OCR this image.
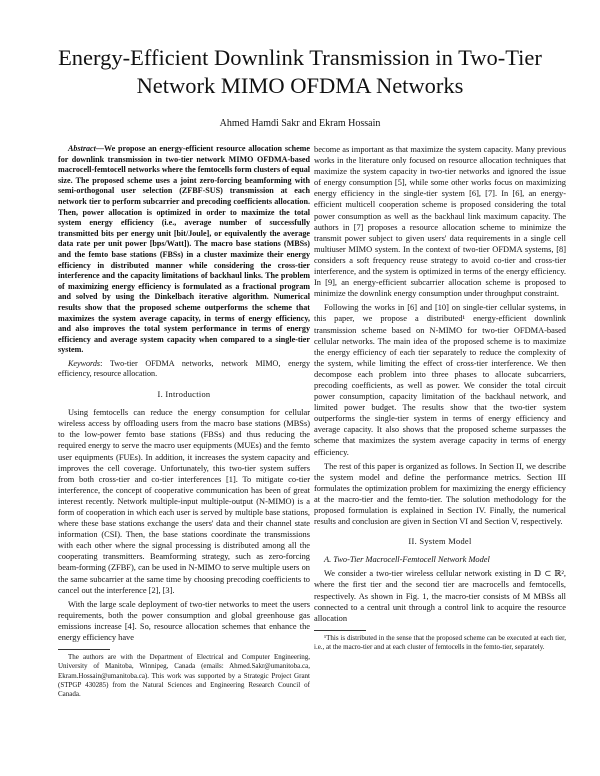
Energy-Efficient Downlink Transmission in Two-Tier Network MIMO OFDMA Networks
Ahmed Hamdi Sakr and Ekram Hossain

Abstract—We propose an energy-efficient resource allocation scheme for downlink transmission in two-tier network MIMO OFDMA-based macrocell-femtocell networks where the femtocells form clusters of equal size. The proposed scheme uses a joint zero-forcing beamforming with semi-orthogonal user selection (ZFBF-SUS) transmission at each network tier to perform subcarrier and precoding coefficients allocation. Then, power allocation is optimized in order to maximize the total system energy efficiency (i.e., average number of successfully transmitted bits per energy unit [bit/Joule], or equivalently the average data rate per unit power [bps/Watt]). The macro base stations (MBSs) and the femto base stations (FBSs) in a cluster maximize their energy efficiency in distributed manner while considering the cross-tier interference and the capacity limitations of backhaul links. The problem of maximizing energy efficiency is formulated as a fractional program and solved by using the Dinkelbach iterative algorithm. Numerical results show that the proposed scheme outperforms the scheme that maximizes the system average capacity, in terms of energy efficiency, and also improves the total system performance in terms of energy efficiency and average system capacity when compared to a single-tier system.

Keywords: Two-tier OFDMA networks, network MIMO, energy efficiency, resource allocation.

I. Introduction

Using femtocells can reduce the energy consumption for cellular wireless access by offloading users from the macro base stations (MBSs) to the low-power femto base stations (FBSs) and thus reducing the required energy to serve the macro user equipments (MUEs) and the femto user equipments (FUEs). In addition, it increases the system capacity and improves the cell coverage. Unfortunately, this two-tier system suffers from both cross-tier and co-tier interferences [1]. To mitigate co-tier interference, the concept of cooperative communication has been of great interest recently. Network multiple-input multiple-output (N-MIMO) is a form of cooperation in which each user is served by multiple base stations, where these base stations exchange the users' data and their channel state information (CSI). Then, the base stations coordinate the transmissions with each other where the signal processing is distributed among all the cooperating transmitters. Beamforming strategy, such as zero-forcing beam-forming (ZFBF), can be used in N-MIMO to serve multiple users on the same subcarrier at the same time by choosing precoding coefficients to cancel out the interference [2], [3].

With the large scale deployment of two-tier networks to meet the users requirements, both the power consumption and global greenhouse gas emissions increase [4]. So, resource allocation schemes that enhance the energy efficiency have

The authors are with the Department of Electrical and Computer Engineering, University of Manitoba, Winnipeg, Canada (emails: Ahmed.Sakr@umanitoba.ca, Ekram.Hossain@umanitoba.ca). This work was supported by a Strategic Project Grant (STPGP 430285) from the Natural Sciences and Engineering Research Council of Canada.

become as important as that maximize the system capacity. Many previous works in the literature only focused on resource allocation techniques that maximize the system capacity in two-tier networks and ignored the issue of energy consumption [5], while some other works focus on maximizing energy efficiency in the single-tier system [6], [7]. In [6], an energy-efficient multicell cooperation scheme is proposed considering the total power consumption as well as the backhaul link maximum capacity. The authors in [7] proposes a resource allocation scheme to minimize the transmit power subject to given users' data requirements in a single cell multiuser MIMO system. In the context of two-tier OFDMA systems, [8] considers a soft frequency reuse strategy to avoid co-tier and cross-tier interference, and the system is optimized in terms of the energy efficiency. In [9], an energy-efficient subcarrier allocation scheme is proposed to minimize the downlink energy consumption under throughput constraint.

Following the works in [6] and [10] on single-tier cellular systems, in this paper, we propose a distributed¹ energy-efficient downlink transmission scheme based on N-MIMO for two-tier OFDMA-based cellular networks. The main idea of the proposed scheme is to maximize the energy efficiency of each tier separately to reduce the complexity of the system, while limiting the effect of cross-tier interference. We then decompose each problem into three phases to allocate subcarriers, precoding coefficients, as well as power. We consider the total circuit power consumption, capacity limitation of the backhaul network, and limited power budget. The results show that the two-tier system outperforms the single-tier system in terms of energy efficiency and average capacity. It also shows that the proposed scheme surpasses the scheme that maximizes the system average capacity in terms of energy efficiency.

The rest of this paper is organized as follows. In Section II, we describe the system model and define the performance metrics. Section III formulates the optimization problem for maximizing the energy efficiency at the macro-tier and the femto-tier. The solution methodology for the proposed formulation is explained in Section IV. Finally, the numerical results and conclusion are given in Section VI and Section V, respectively.

II. System Model

A. Two-Tier Macrocell-Femtocell Network Model

We consider a two-tier wireless cellular network existing in 𝔻 ⊂ ℝ², where the first tier and the second tier are macrocells and femtocells, respectively. As shown in Fig. 1, the macro-tier consists of M MBSs all connected to a central unit through a control link to acquire the resource allocation

¹This is distributed in the sense that the proposed scheme can be executed at each tier, i.e., at the macro-tier and at each cluster of femtocells in the femto-tier, separately.
